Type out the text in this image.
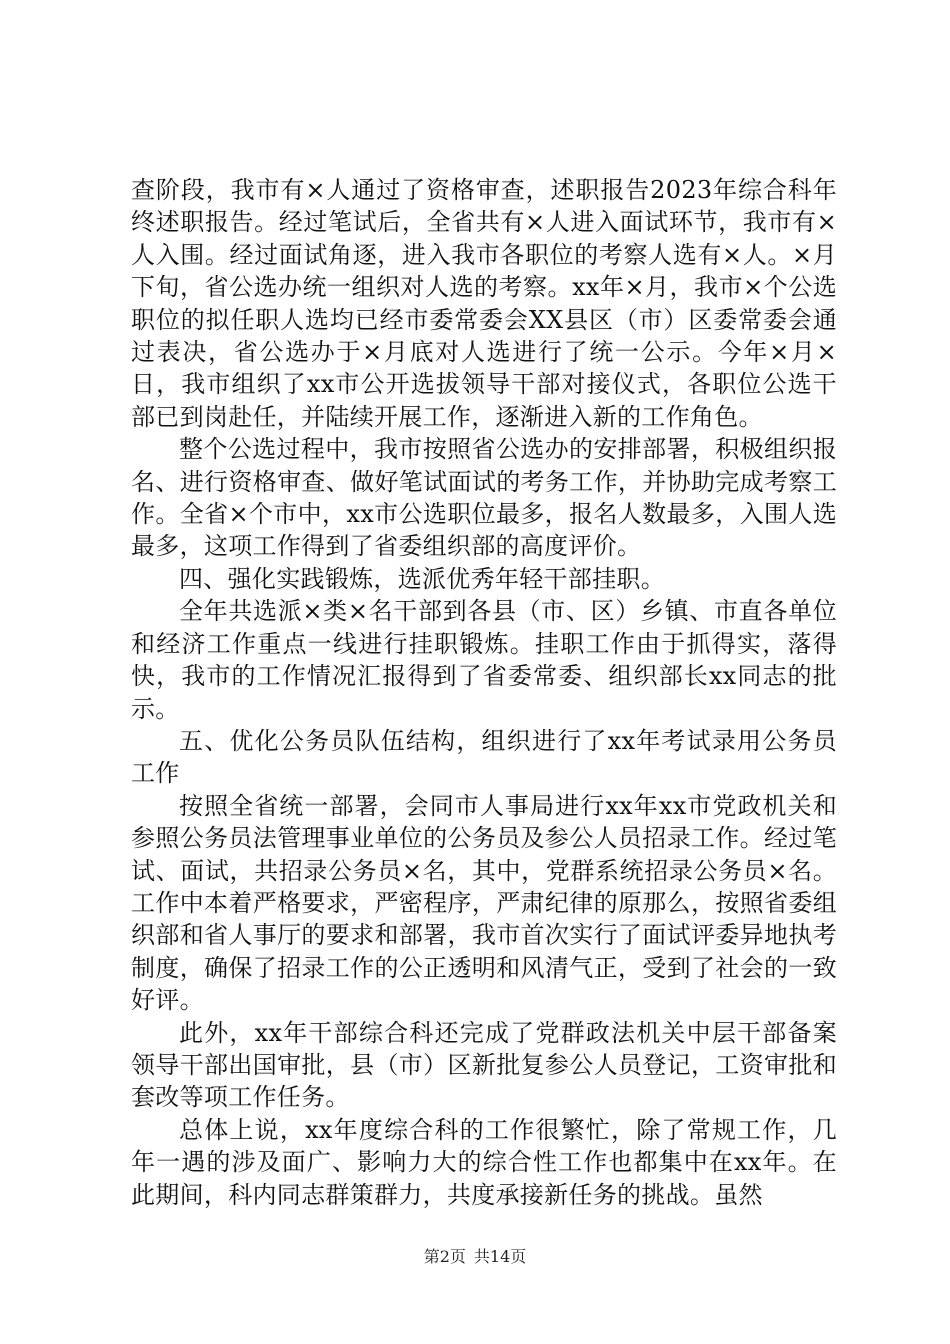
查阶段，我市有×人通过了资格审查，述职报告2023年综合科年终述职报告。经过笔试后，全省共有×人进入面试环节，我市有×人入围。经过面试角逐，进入我市各职位的考察人选有×人。×月下旬，省公选办统一组织对人选的考察。xx年×月，我市×个公选职位的拟任职人选均已经市委常委会XX县区（市）区委常委会通过表决，省公选办于×月底对人选进行了统一公示。今年×月×日，我市组织了xx市公开选拔领导干部对接仪式，各职位公选干部已到岗赴任，并陆续开展工作，逐渐进入新的工作角色。

整个公选过程中，我市按照省公选办的安排部署，积极组织报名、进行资格审查、做好笔试面试的考务工作，并协助完成考察工作。全省×个市中，xx市公选职位最多，报名人数最多，入围人选最多，这项工作得到了省委组织部的高度评价。

四、强化实践锻炼，选派优秀年轻干部挂职。

全年共选派×类×名干部到各县（市、区）乡镇、市直各单位和经济工作重点一线进行挂职锻炼。挂职工作由于抓得实，落得快，我市的工作情况汇报得到了省委常委、组织部长xx同志的批示。

五、优化公务员队伍结构，组织进行了xx年考试录用公务员工作

按照全省统一部署，会同市人事局进行xx年xx市党政机关和参照公务员法管理事业单位的公务员及参公人员招录工作。经过笔试、面试，共招录公务员×名，其中，党群系统招录公务员×名。工作中本着严格要求，严密程序，严肃纪律的原那么，按照省委组织部和省人事厅的要求和部署，我市首次实行了面试评委异地执考制度，确保了招录工作的公正透明和风清气正，受到了社会的一致好评。

此外，xx年干部综合科还完成了党群政法机关中层干部备案领导干部出国审批，县（市）区新批复参公人员登记，工资审批和套改等项工作任务。

总体上说，xx年度综合科的工作很繁忙，除了常规工作，几年一遇的涉及面广、影响力大的综合性工作也都集中在xx年。在此期间，科内同志群策群力，共度承接新任务的挑战。虽然

第2页 共14页
